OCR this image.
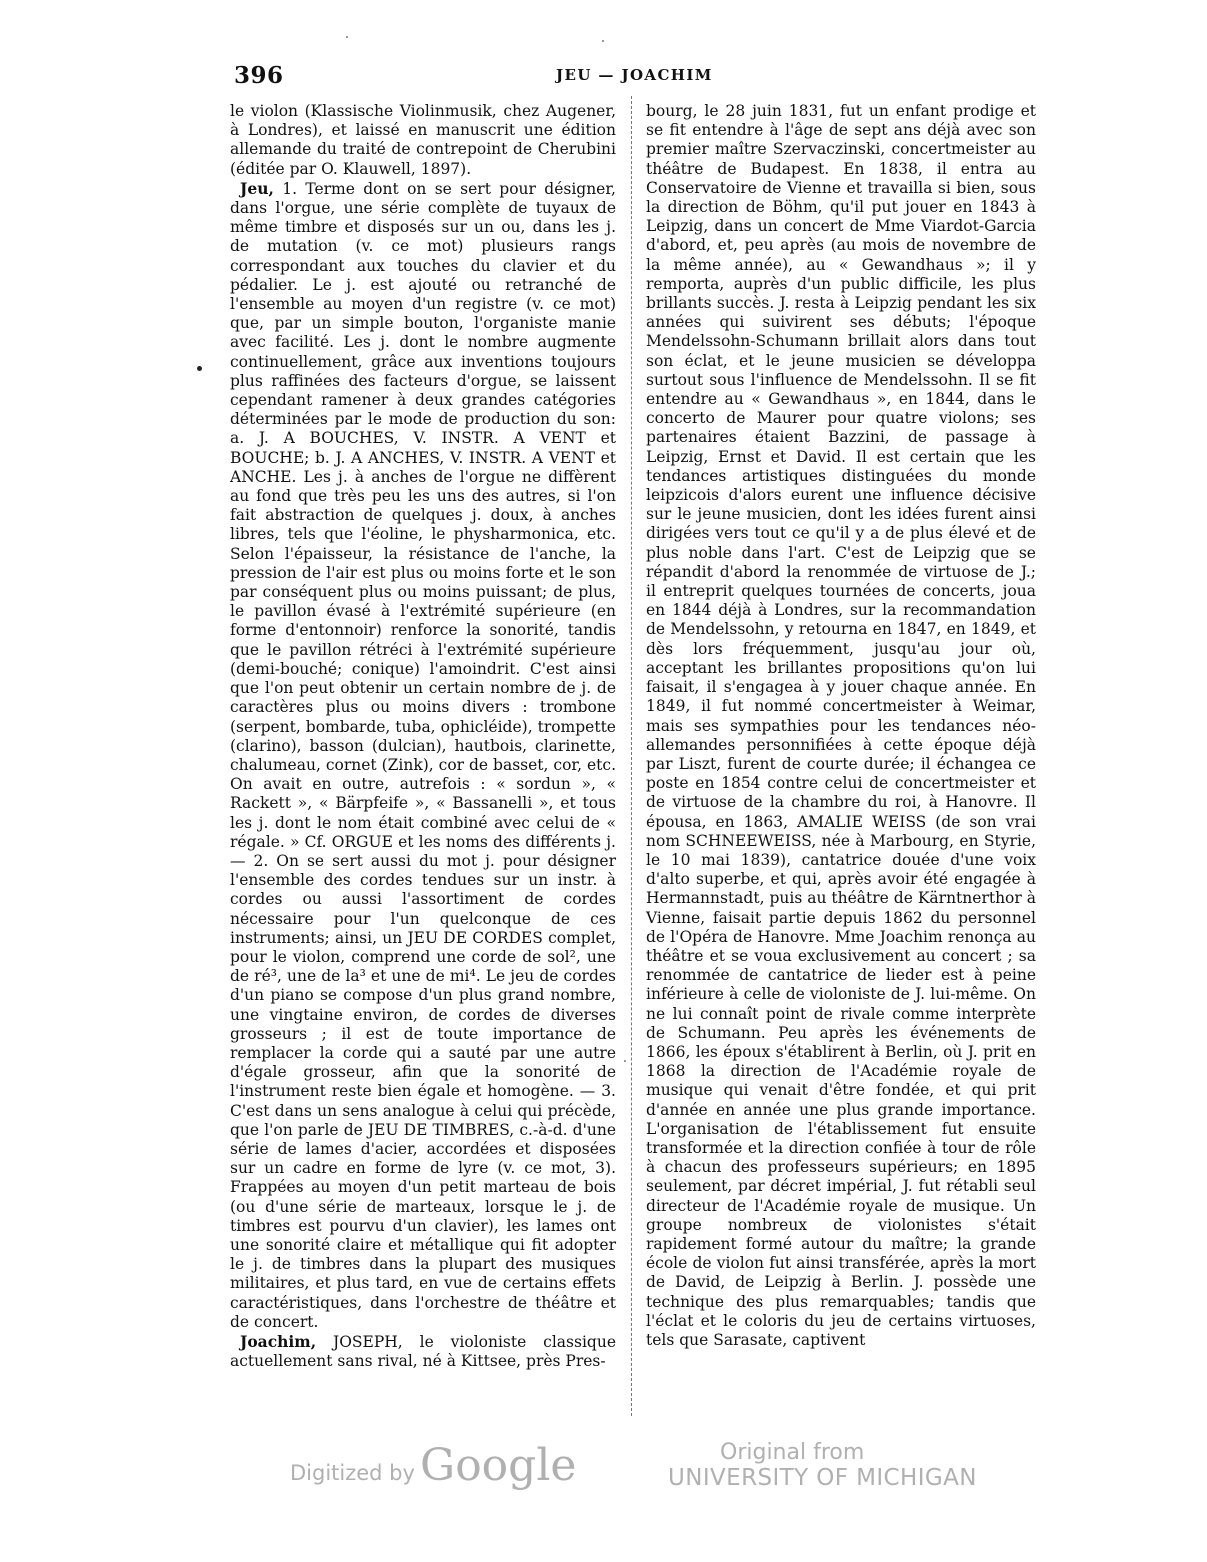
396	JEU — JOACHIM

le violon (Klassische Violinmusik, chez Augener, à Londres), et laissé en manuscrit une édition allemande du traité de contrepoint de Cherubini (éditée par O. Klauwell, 1897).

Jeu, 1. Terme dont on se sert pour désigner, dans l'orgue, une série complète de tuyaux de même timbre et disposés sur un ou, dans les j. de mutation (v. ce mot) plusieurs rangs correspondant aux touches du clavier et du pédalier. Le j. est ajouté ou retranché de l'ensemble au moyen d'un registre (v. ce mot) que, par un simple bouton, l'organiste manie avec facilité. Les j. dont le nombre augmente continuellement, grâce aux inventions toujours plus raffinées des facteurs d'orgue, se laissent cependant ramener à deux grandes catégories déterminées par le mode de production du son: a. J. A BOUCHES, V. INSTR. A VENT et BOUCHE; b. J. A ANCHES, V. INSTR. A VENT et ANCHE. Les j. à anches de l'orgue ne diffèrent au fond que très peu les uns des autres, si l'on fait abstraction de quelques j. doux, à anches libres, tels que l'éoline, le physharmonica, etc. Selon l'épaisseur, la résistance de l'anche, la pression de l'air est plus ou moins forte et le son par conséquent plus ou moins puissant; de plus, le pavillon évasé à l'extrémité supérieure (en forme d'entonnoir) renforce la sonorité, tandis que le pavillon rétréci à l'extrémité supérieure (demi-bouché; conique) l'amoindrit. C'est ainsi que l'on peut obtenir un certain nombre de j. de caractères plus ou moins divers : trombone (serpent, bombarde, tuba, ophicléide), trompette (clarino), basson (dulcian), hautbois, clarinette, chalumeau, cornet (Zink), cor de basset, cor, etc. On avait en outre, autrefois : « sordun », « Rackett », « Bärpfeife », « Bassanelli », et tous les j. dont le nom était combiné avec celui de « régale. » Cf. ORGUE et les noms des différents j. — 2. On se sert aussi du mot j. pour désigner l'ensemble des cordes tendues sur un instr. à cordes ou aussi l'assortiment de cordes nécessaire pour l'un quelconque de ces instruments; ainsi, un JEU DE CORDES complet, pour le violon, comprend une corde de sol², une de ré³, une de la³ et une de mi⁴. Le jeu de cordes d'un piano se compose d'un plus grand nombre, une vingtaine environ, de cordes de diverses grosseurs ; il est de toute importance de remplacer la corde qui a sauté par une autre d'égale grosseur, afin que la sonorité de l'instrument reste bien égale et homogène. — 3. C'est dans un sens analogue à celui qui précède, que l'on parle de JEU DE TIMBRES, c.-à-d. d'une série de lames d'acier, accordées et disposées sur un cadre en forme de lyre (v. ce mot, 3). Frappées au moyen d'un petit marteau de bois (ou d'une série de marteaux, lorsque le j. de timbres est pourvu d'un clavier), les lames ont une sonorité claire et métallique qui fit adopter le j. de timbres dans la plupart des musiques militaires, et plus tard, en vue de certains effets caractéristiques, dans l'orchestre de théâtre et de concert.

Joachim, JOSEPH, le violoniste classique actuellement sans rival, né à Kittsee, près Pres-

bourg, le 28 juin 1831, fut un enfant prodige et se fit entendre à l'âge de sept ans déjà avec son premier maître Szervaczinski, concertmeister au théâtre de Budapest. En 1838, il entra au Conservatoire de Vienne et travailla si bien, sous la direction de Böhm, qu'il put jouer en 1843 à Leipzig, dans un concert de Mme Viardot-Garcia d'abord, et, peu après (au mois de novembre de la même année), au « Gewandhaus »; il y remporta, auprès d'un public difficile, les plus brillants succès. J. resta à Leipzig pendant les six années qui suivirent ses débuts; l'époque Mendelssohn-Schumann brillait alors dans tout son éclat, et le jeune musicien se développa surtout sous l'influence de Mendelssohn. Il se fit entendre au « Gewandhaus », en 1844, dans le concerto de Maurer pour quatre violons; ses partenaires étaient Bazzini, de passage à Leipzig, Ernst et David. Il est certain que les tendances artistiques distinguées du monde leipzicois d'alors eurent une influence décisive sur le jeune musicien, dont les idées furent ainsi dirigées vers tout ce qu'il y a de plus élevé et de plus noble dans l'art. C'est de Leipzig que se répandit d'abord la renommée de virtuose de J.; il entreprit quelques tournées de concerts, joua en 1844 déjà à Londres, sur la recommandation de Mendelssohn, y retourna en 1847, en 1849, et dès lors fréquemment, jusqu'au jour où, acceptant les brillantes propositions qu'on lui faisait, il s'engagea à y jouer chaque année. En 1849, il fut nommé concertmeister à Weimar, mais ses sympathies pour les tendances néo-allemandes personnifiées à cette époque déjà par Liszt, furent de courte durée; il échangea ce poste en 1854 contre celui de concertmeister et de virtuose de la chambre du roi, à Hanovre. Il épousa, en 1863, AMALIE WEISS (de son vrai nom SCHNEEWEISS, née à Marbourg, en Styrie, le 10 mai 1839), cantatrice douée d'une voix d'alto superbe, et qui, après avoir été engagée à Hermannstadt, puis au théâtre de Kärntnerthor à Vienne, faisait partie depuis 1862 du personnel de l'Opéra de Hanovre. Mme Joachim renonça au théâtre et se voua exclusivement au concert ; sa renommée de cantatrice de lieder est à peine inférieure à celle de violoniste de J. lui-même. On ne lui connaît point de rivale comme interprète de Schumann. Peu après les événements de 1866, les époux s'établirent à Berlin, où J. prit en 1868 la direction de l'Académie royale de musique qui venait d'être fondée, et qui prit d'année en année une plus grande importance. L'organisation de l'établissement fut ensuite transformée et la direction confiée à tour de rôle à chacun des professeurs supérieurs; en 1895 seulement, par décret impérial, J. fut rétabli seul directeur de l'Académie royale de musique. Un groupe nombreux de violonistes s'était rapidement formé autour du maître; la grande école de violon fut ainsi transférée, après la mort de David, de Leipzig à Berlin. J. possède une technique des plus remarquables; tandis que l'éclat et le coloris du jeu de certains virtuoses, tels que Sarasate, captivent

Digitized by Google	Original from
UNIVERSITY OF MICHIGAN
